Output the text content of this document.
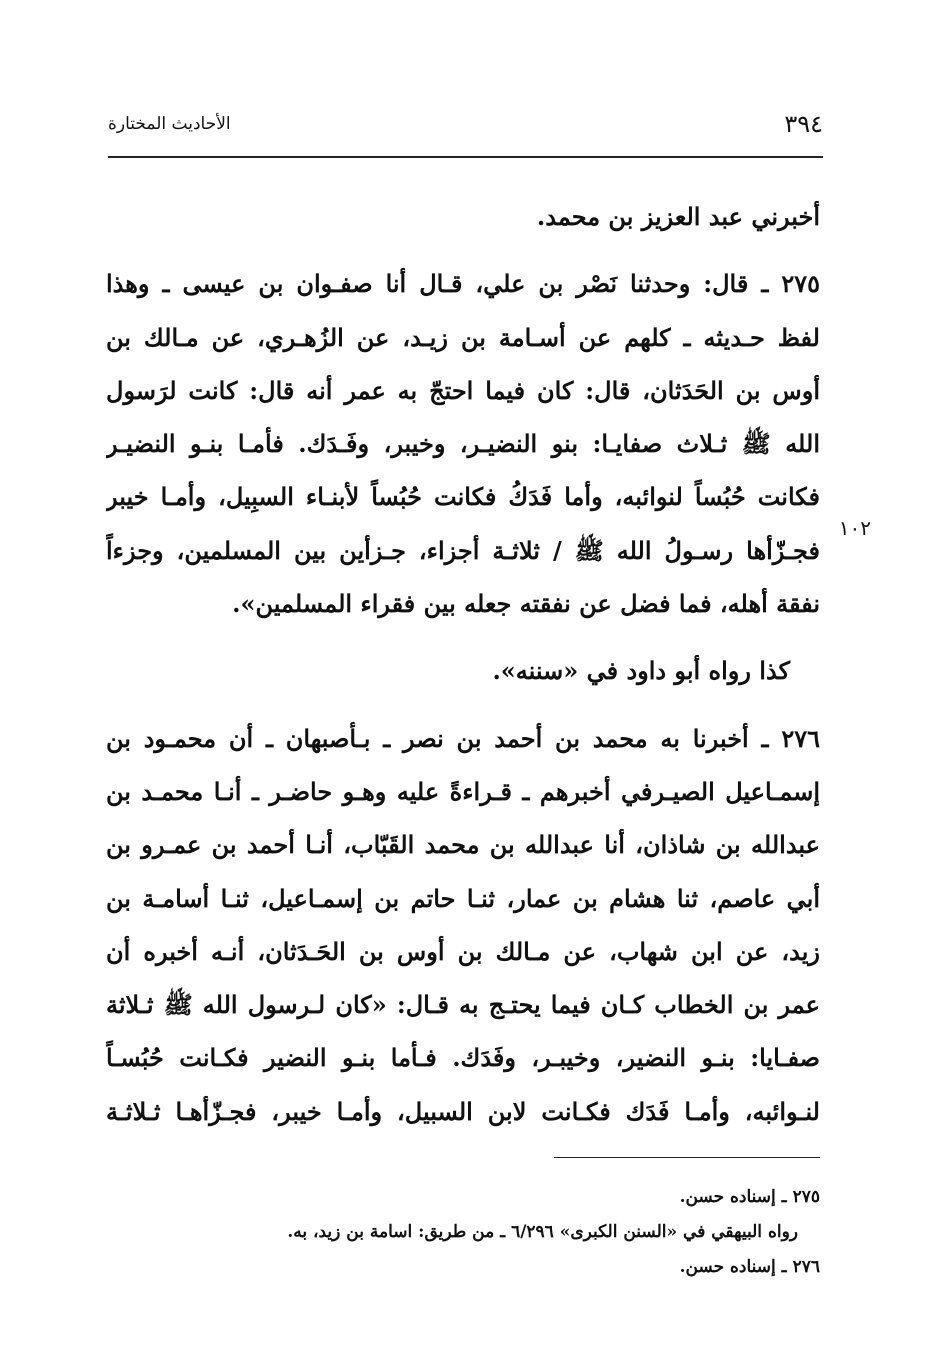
٣٩٤
الأحاديث المختارة
١٠٢
أخبرني عبد العزيز بن محمد.
٢٧٥ ـ قال: وحدثنا نَصْر بن علي، قـال أنا صفـوان بن عيسى ـ وهذا
لفظ حـديثه ـ كلهم عن أسـامة بن زيـد، عن الزُهـري، عن مـالك بن
أوس بن الحَدَثان، قال: كان فيما احتجّ به عمر أنه قال: كانت لرَسول
الله ﷺ ثـلاث صفايـا: بنو النضيـر، وخيبر، وفَـدَك. فأمـا بنـو النضيـر
فكانت حُبُساً لنوائبه، وأما فَدَكُ فكانت حُبُساً لأبنـاء السبِيل، وأمـا خيبر
فجـزّأها رسـولُ الله ﷺ / ثلاثـة أجزاء، جـزأين بين المسلمين، وجزءاً
نفقة أهله، فما فضل عن نفقته جعله بين فقراء المسلمين».
كذا رواه أبو داود في «سننه».
٢٧٦ ـ أخبرنا به محمد بن أحمد بن نصر ـ بـأصبهان ـ أن محمـود بن
إسمـاعيل الصيـرفي أخبرهم ـ قـراءةً عليه وهـو حاضـر ـ أنـا محمـد بن
عبدالله بن شاذان، أنا عبدالله بن محمد القَبّاب، أنـا أحمد بن عمـرو بن
أبي عاصم، ثنا هشام بن عمار، ثنـا حاتم بن إسمـاعيل، ثنـا أسامـة بن
زيد، عن ابن شهاب، عن مـالك بن أوس بن الحَـدَثان، أنـه أخبره أن
عمر بن الخطاب كـان فيما يحتـج به قـال: «كان لـرسول الله ﷺ ثـلاثة
صفـايا: بنـو النضير، وخيبـر، وفَدَك. فـأما بنـو النضير فكـانت حُبُسـاً
لنـوائبه، وأمـا فَدَك فكـانت لابن السبيل، وأمـا خيبر، فجـزّأهـا ثـلاثـة
٢٧٥ ـ إسناده حسن.
رواه البيهقي في «السنن الكبرى» ٦/٢٩٦ ـ من طريق: اسامة بن زيد، به.
٢٧٦ ـ إسناده حسن.
